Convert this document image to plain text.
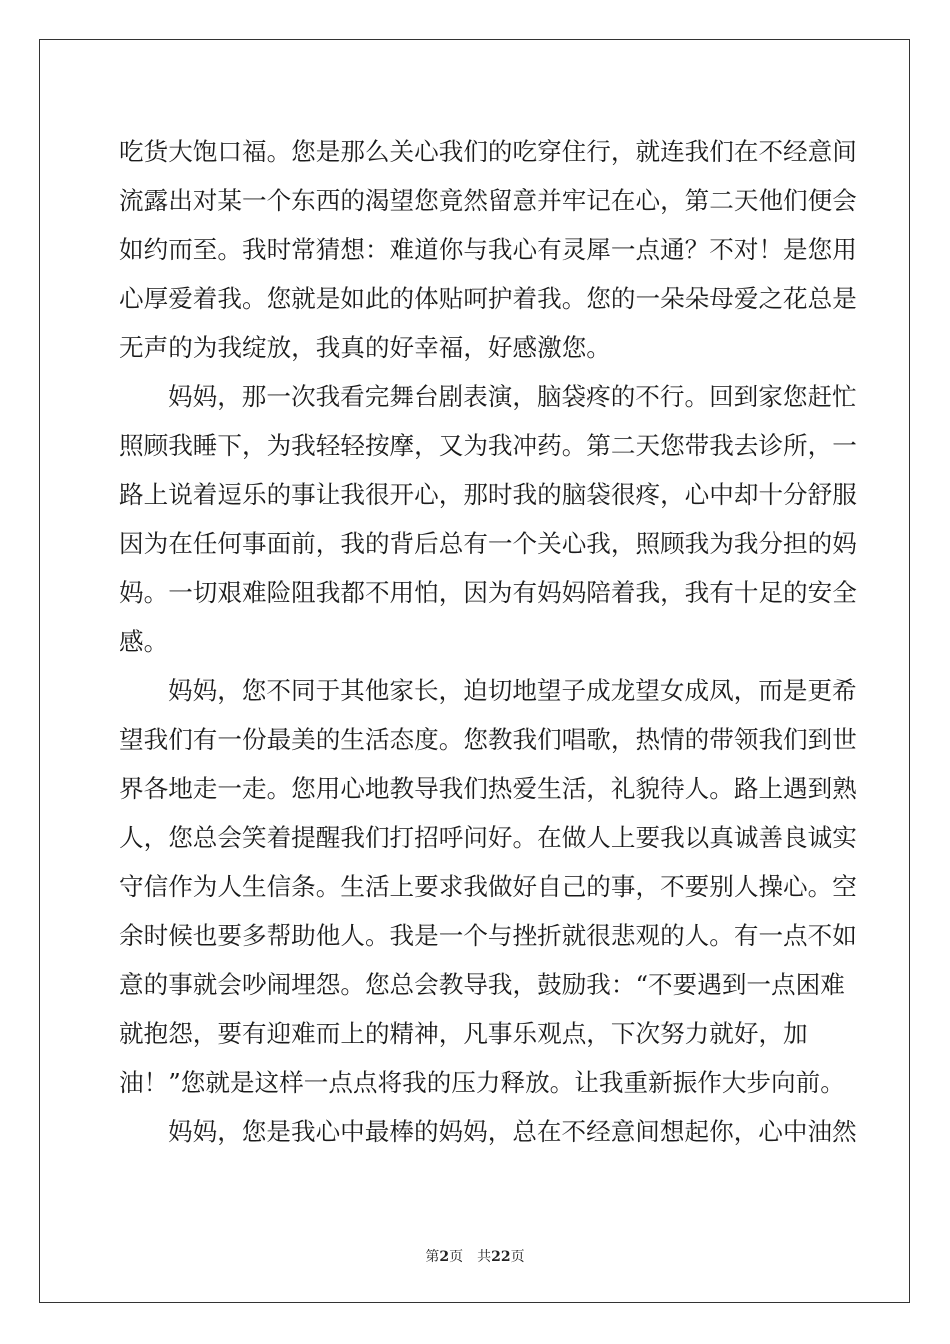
吃货大饱口福。您是那么关心我们的吃穿住行，就连我们在不经意间
流露出对某一个东西的渴望您竟然留意并牢记在心，第二天他们便会
如约而至。我时常猜想：难道你与我心有灵犀一点通？不对！是您用
心厚爱着我。您就是如此的体贴呵护着我。您的一朵朵母爱之花总是
无声的为我绽放，我真的好幸福，好感激您。
妈妈，那一次我看完舞台剧表演，脑袋疼的不行。回到家您赶忙
照顾我睡下，为我轻轻按摩，又为我冲药。第二天您带我去诊所，一
路上说着逗乐的事让我很开心，那时我的脑袋很疼，心中却十分舒服
因为在任何事面前，我的背后总有一个关心我，照顾我为我分担的妈
妈。一切艰难险阻我都不用怕，因为有妈妈陪着我，我有十足的安全
感。
妈妈，您不同于其他家长，迫切地望子成龙望女成凤，而是更希
望我们有一份最美的生活态度。您教我们唱歌，热情的带领我们到世
界各地走一走。您用心地教导我们热爱生活，礼貌待人。路上遇到熟
人，您总会笑着提醒我们打招呼问好。在做人上要我以真诚善良诚实
守信作为人生信条。生活上要求我做好自己的事，不要别人操心。空
余时候也要多帮助他人。我是一个与挫折就很悲观的人。有一点不如
意的事就会吵闹埋怨。您总会教导我，鼓励我：“不要遇到一点困难
就抱怨，要有迎难而上的精神，凡事乐观点，下次努力就好，加
油！”您就是这样一点点将我的压力释放。让我重新振作大步向前。
妈妈，您是我心中最棒的妈妈，总在不经意间想起你，心中油然
第2页 共22页
